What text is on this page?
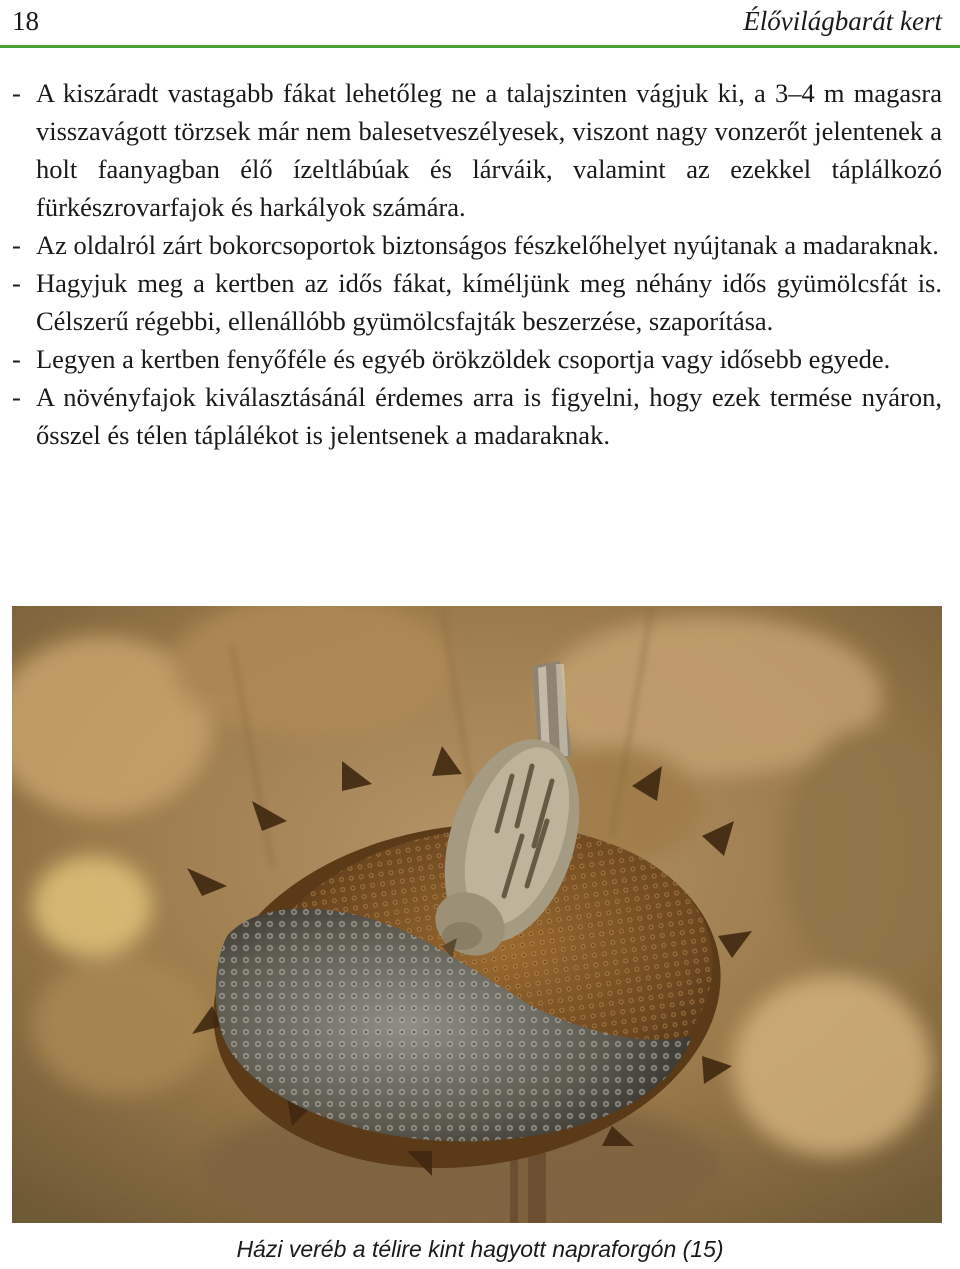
18	Élővilágbarát kert

- A kiszáradt vastagabb fákat lehetőleg ne a talajszinten vágjuk ki, a 3–4 m magasra visszavágott törzsek már nem balesetveszélyesek, viszont nagy vonzerőt jelentenek a holt faanyagban élő ízeltlábúak és lárváik, valamint az ezekkel táplálkozó fürkészrovarfajok és harkályok számára.

- Az oldalról zárt bokorcsoportok biztonságos fészkelőhelyet nyújtanak a madaraknak.

- Hagyjuk meg a kertben az idős fákat, kíméljünk meg néhány idős gyümölcsfát is. Célszerű régebbi, ellenállóbb gyümölcsfajták beszerzése, szaporítása.

- Legyen a kertben fenyőféle és egyéb örökzöldek csoportja vagy idősebb egyede.

- A növényfajok kiválasztásánál érdemes arra is figyelni, hogy ezek termése nyáron, ősszel és télen táplálékot is jelentsenek a madaraknak.

Házi veréb a télire kint hagyott napraforgón (15)
